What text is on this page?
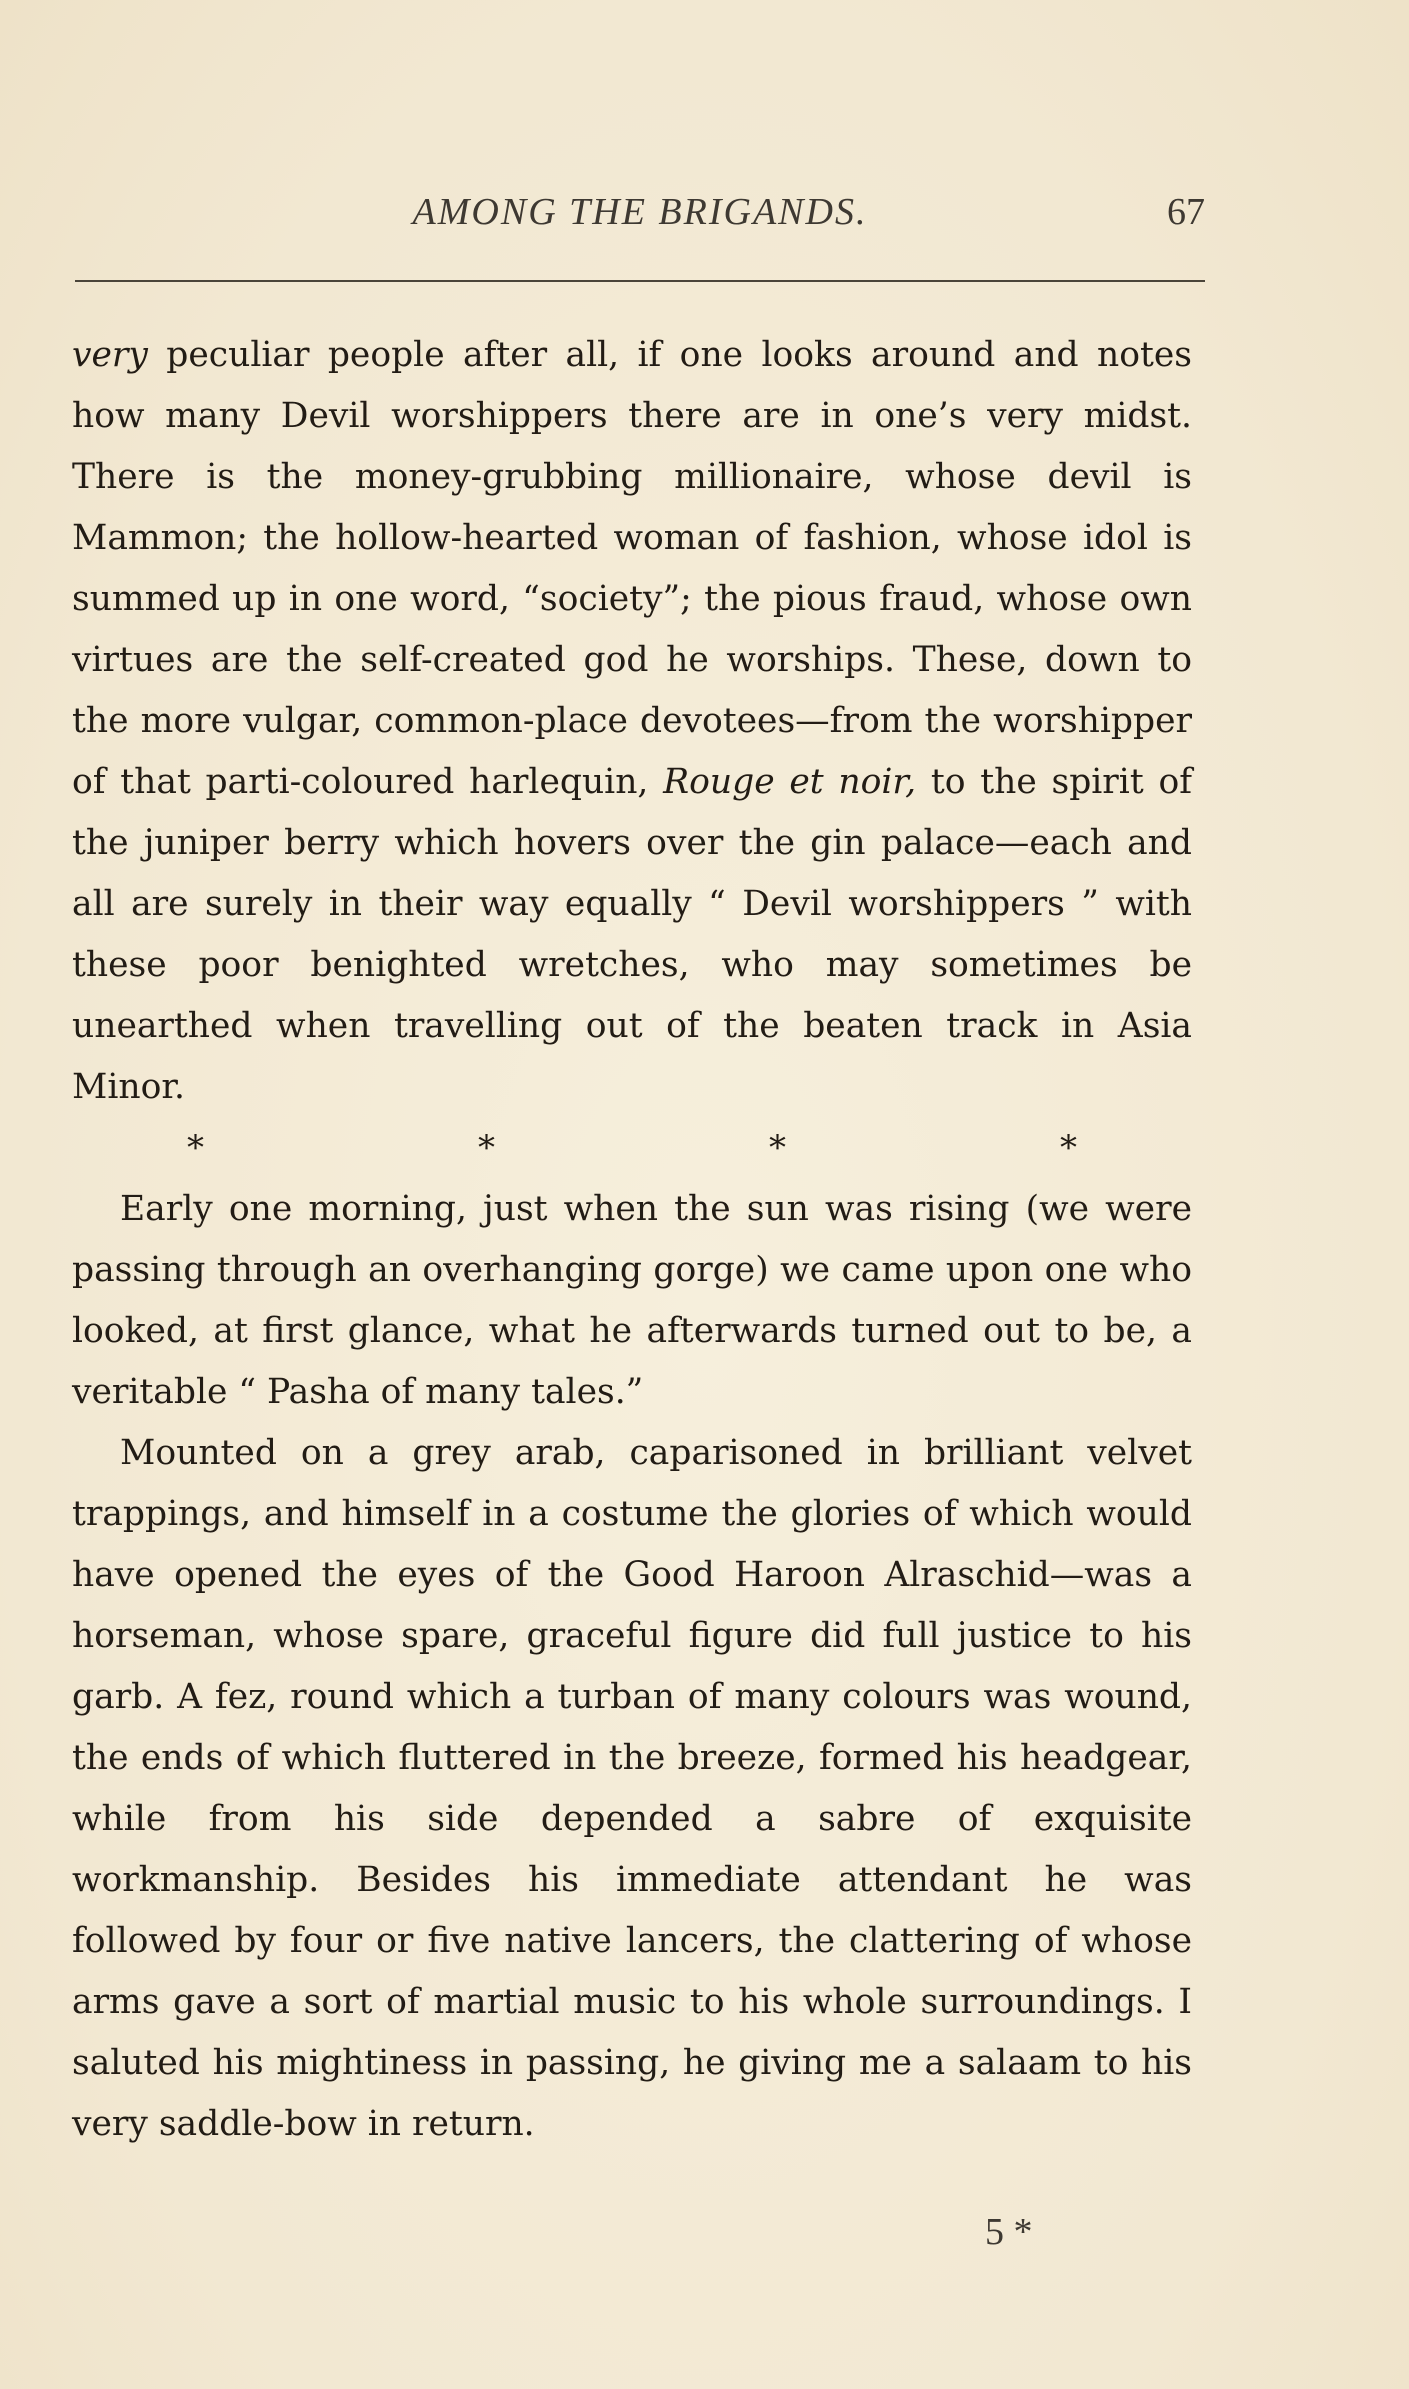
AMONG THE BRIGANDS.	67

very peculiar people after all, if one looks around and notes how many Devil worshippers there are in one’s very midst. There is the money-grubbing millionaire, whose devil is Mammon; the hollow-hearted woman of fashion, whose idol is summed up in one word, “society”; the pious fraud, whose own virtues are the self-created god he worships. These, down to the more vulgar, common-place devotees—from the worshipper of that parti-coloured harlequin, Rouge et noir, to the spirit of the juniper berry which hovers over the gin palace—each and all are surely in their way equally “ Devil worshippers ” with these poor benighted wretches, who may sometimes be unearthed when travelling out of the beaten track in Asia Minor.

*	*	*	*

Early one morning, just when the sun was rising (we were passing through an overhanging gorge) we came upon one who looked, at first glance, what he afterwards turned out to be, a veritable “ Pasha of many tales.”

Mounted on a grey arab, caparisoned in brilliant velvet trappings, and himself in a costume the glories of which would have opened the eyes of the Good Haroon Alraschid—was a horseman, whose spare, graceful figure did full justice to his garb. A fez, round which a turban of many colours was wound, the ends of which fluttered in the breeze, formed his headgear, while from his side depended a sabre of exquisite workmanship. Besides his immediate attendant he was followed by four or five native lancers, the clattering of whose arms gave a sort of martial music to his whole surroundings. I saluted his mightiness in passing, he giving me a salaam to his very saddle-bow in return.

5 *
